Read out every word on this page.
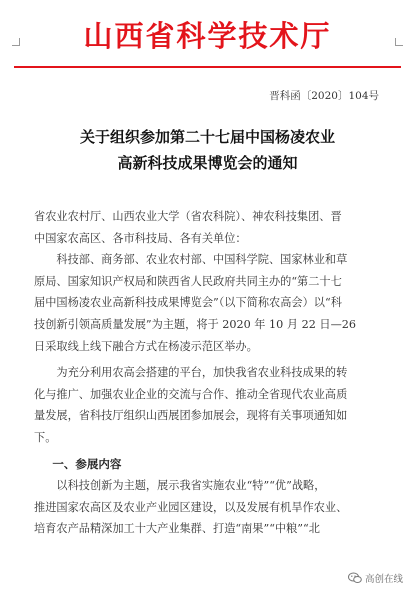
山西省科学技术厅
晋科函〔2020〕104号
关于组织参加第二十七届中国杨凌农业
高新科技成果博览会的通知

省农业农村厅、山西农业大学（省农科院）、神农科技集团、晋

中国家农高区、各市科技局、各有关单位：

科技部、商务部、农业农村部、中国科学院、国家林业和草

原局、国家知识产权局和陕西省人民政府共同主办的“第二十七

届中国杨凌农业高新科技成果博览会”（以下简称农高会）以“科

技创新引领高质量发展”为主题，将于 2020 年 10 月 22 日—26

日采取线上线下融合方式在杨凌示范区举办。

为充分利用农高会搭建的平台，加快我省农业科技成果的转

化与推广、加强农业企业的交流与合作、推动全省现代农业高质

量发展，省科技厅组织山西展团参加展会，现将有关事项通知如

下。

一、参展内容

以科技创新为主题，展示我省实施农业“特”“优”战略，

推进国家农高区及农业产业园区建设，以及发展有机旱作农业、

培育农产品精深加工十大产业集群、打造“南果”“中粮”“北

高创在线
